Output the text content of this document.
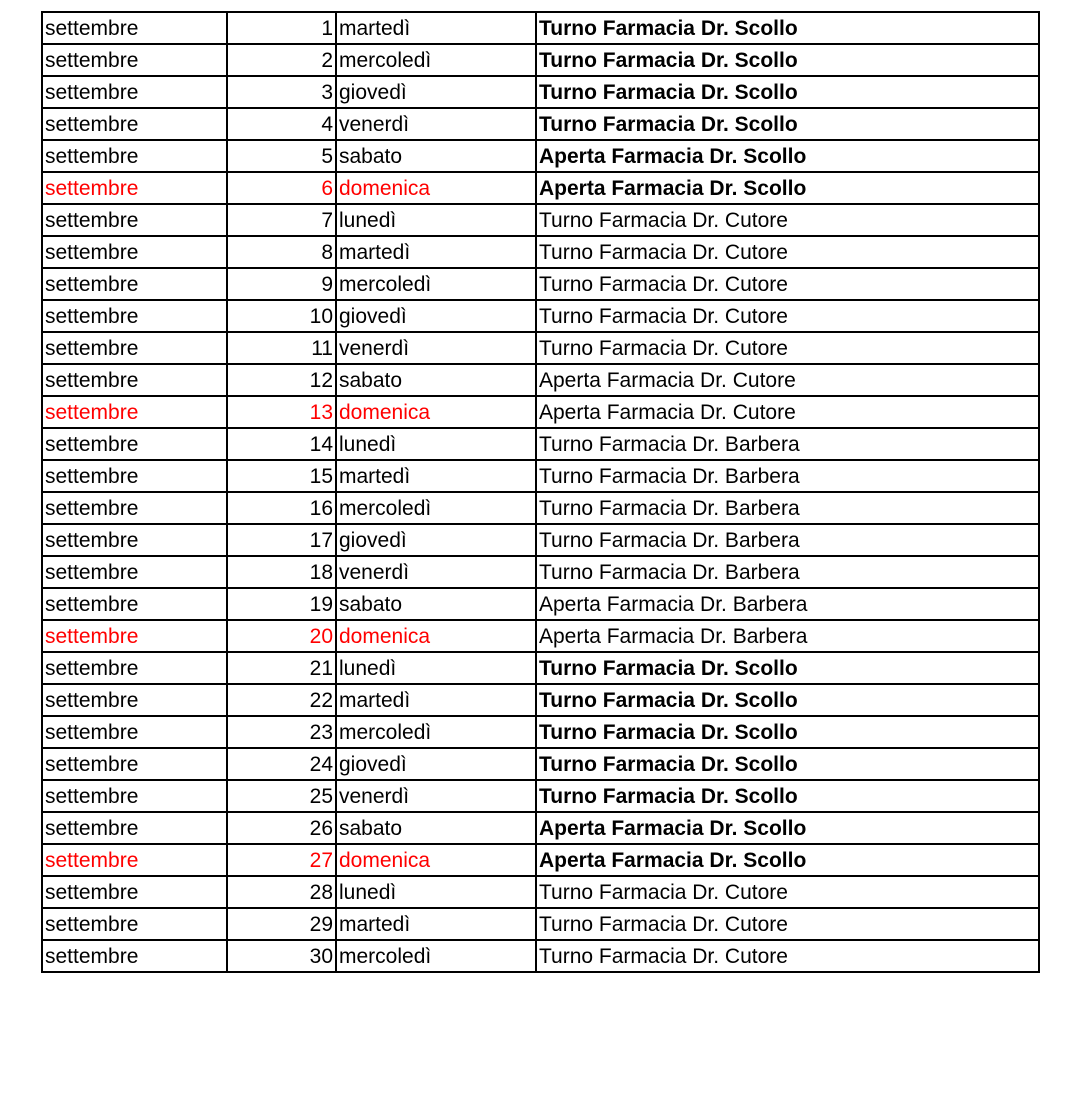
settembre	1	martedì	Turno Farmacia Dr. Scollo
settembre	2	mercoledì	Turno Farmacia Dr. Scollo
settembre	3	giovedì	Turno Farmacia Dr. Scollo
settembre	4	venerdì	Turno Farmacia Dr. Scollo
settembre	5	sabato	Aperta Farmacia Dr. Scollo
settembre	6	domenica	Aperta Farmacia Dr. Scollo
settembre	7	lunedì	Turno Farmacia Dr. Cutore
settembre	8	martedì	Turno Farmacia Dr. Cutore
settembre	9	mercoledì	Turno Farmacia Dr. Cutore
settembre	10	giovedì	Turno Farmacia Dr. Cutore
settembre	11	venerdì	Turno Farmacia Dr. Cutore
settembre	12	sabato	Aperta Farmacia Dr. Cutore
settembre	13	domenica	Aperta Farmacia Dr. Cutore
settembre	14	lunedì	Turno Farmacia Dr. Barbera
settembre	15	martedì	Turno Farmacia Dr. Barbera
settembre	16	mercoledì	Turno Farmacia Dr. Barbera
settembre	17	giovedì	Turno Farmacia Dr. Barbera
settembre	18	venerdì	Turno Farmacia Dr. Barbera
settembre	19	sabato	Aperta Farmacia Dr. Barbera
settembre	20	domenica	Aperta Farmacia Dr. Barbera
settembre	21	lunedì	Turno Farmacia Dr. Scollo
settembre	22	martedì	Turno Farmacia Dr. Scollo
settembre	23	mercoledì	Turno Farmacia Dr. Scollo
settembre	24	giovedì	Turno Farmacia Dr. Scollo
settembre	25	venerdì	Turno Farmacia Dr. Scollo
settembre	26	sabato	Aperta Farmacia Dr. Scollo
settembre	27	domenica	Aperta Farmacia Dr. Scollo
settembre	28	lunedì	Turno Farmacia Dr. Cutore
settembre	29	martedì	Turno Farmacia Dr. Cutore
settembre	30	mercoledì	Turno Farmacia Dr. Cutore
